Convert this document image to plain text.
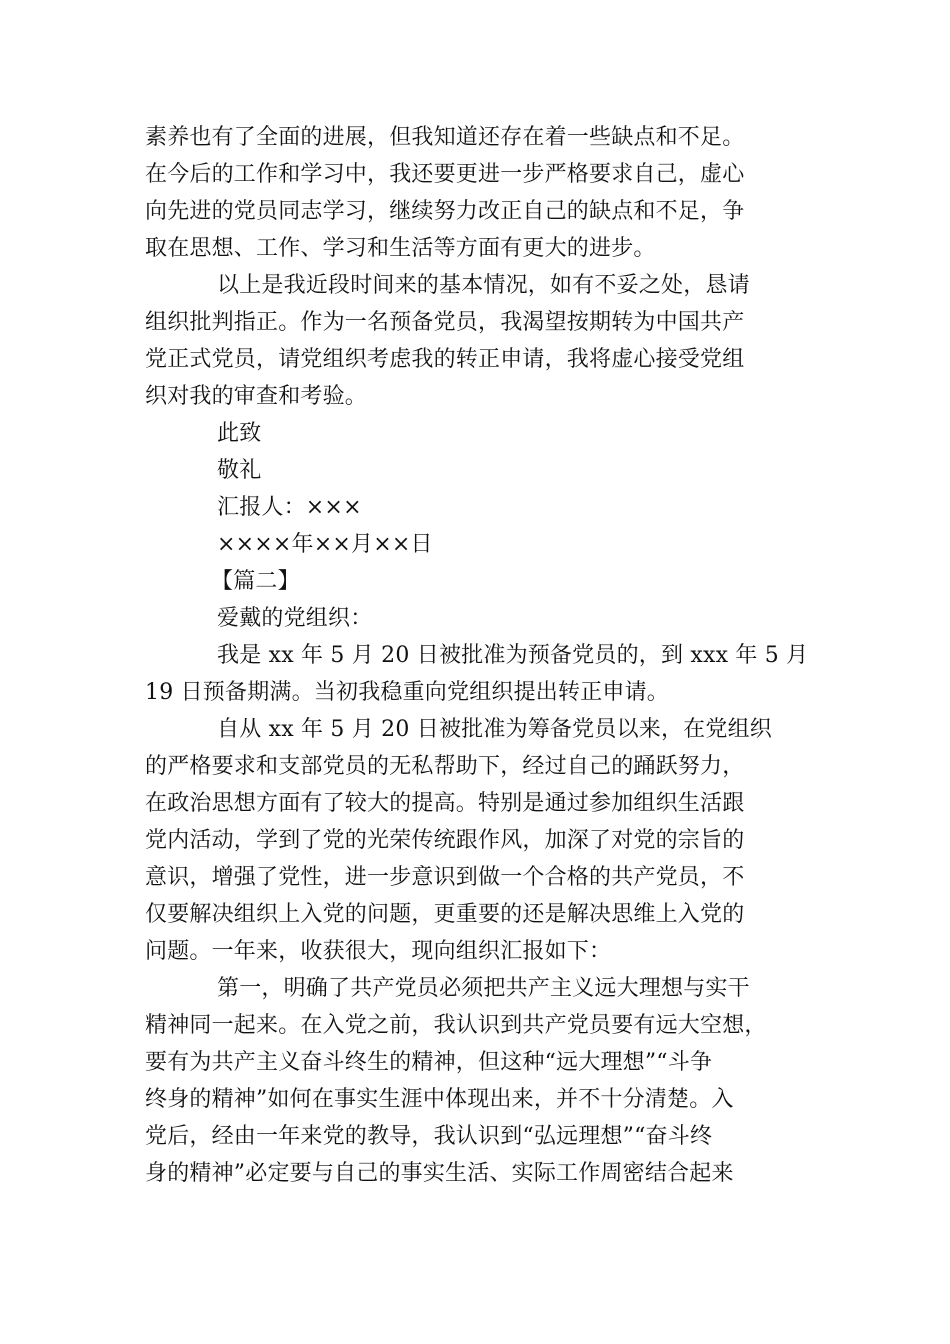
素养也有了全面的进展，但我知道还存在着一些缺点和不足。
在今后的工作和学习中，我还要更进一步严格要求自己，虚心
向先进的党员同志学习，继续努力改正自己的缺点和不足，争
取在思想、工作、学习和生活等方面有更大的进步。
以上是我近段时间来的基本情况，如有不妥之处，恳请
组织批判指正。作为一名预备党员，我渴望按期转为中国共产
党正式党员，请党组织考虑我的转正申请，我将虚心接受党组
织对我的审查和考验。
此致
敬礼
汇报人：×××
××××年××月××日
【篇二】
爱戴的党组织：
我是 xx 年 5 月 20 日被批准为预备党员的，到 xxx 年 5 月
19 日预备期满。当初我稳重向党组织提出转正申请。
自从 xx 年 5 月 20 日被批准为筹备党员以来，在党组织
的严格要求和支部党员的无私帮助下，经过自己的踊跃努力，
在政治思想方面有了较大的提高。特别是通过参加组织生活跟
党内活动，学到了党的光荣传统跟作风，加深了对党的宗旨的
意识，增强了党性，进一步意识到做一个合格的共产党员，不
仅要解决组织上入党的问题，更重要的还是解决思维上入党的
问题。一年来，收获很大，现向组织汇报如下：
第一，明确了共产党员必须把共产主义远大理想与实干
精神同一起来。在入党之前，我认识到共产党员要有远大空想，
要有为共产主义奋斗终生的精神，但这种“远大理想”“斗争
终身的精神”如何在事实生涯中体现出来，并不十分清楚。入
党后，经由一年来党的教导，我认识到“弘远理想”“奋斗终
身的精神”必定要与自己的事实生活、实际工作周密结合起来
